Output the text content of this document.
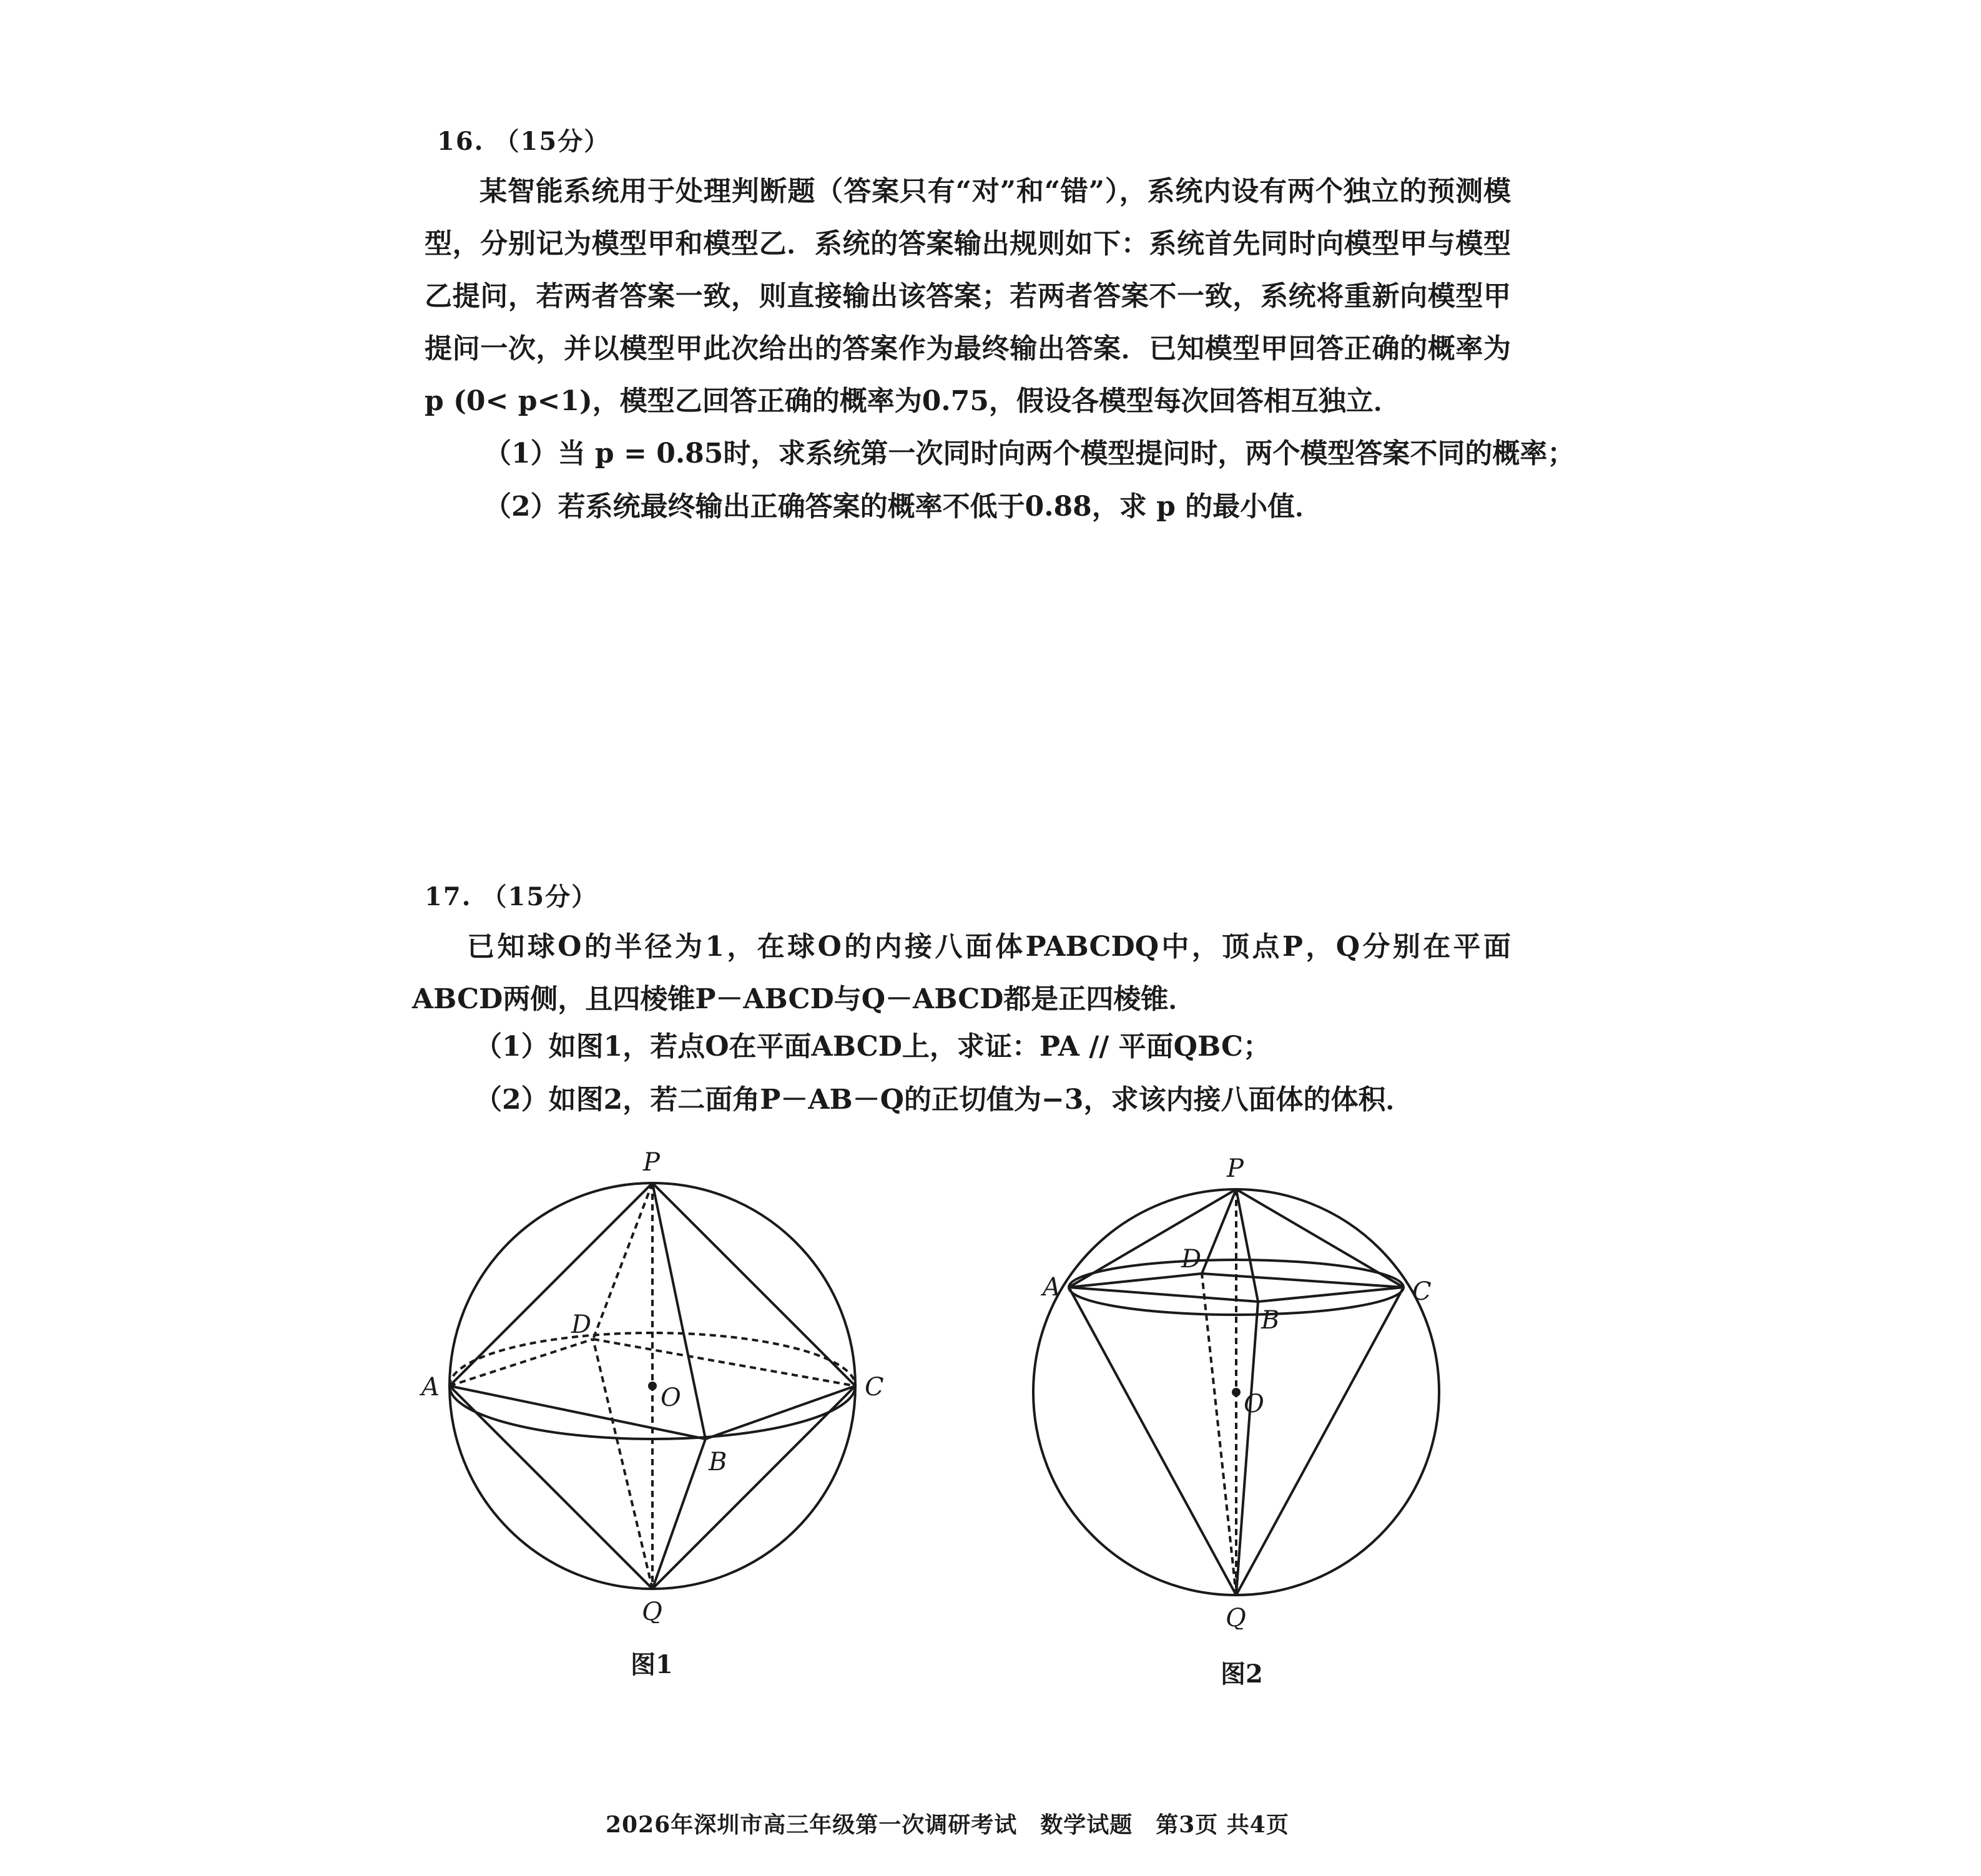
16. （15分）

某智能系统用于处理判断题（答案只有“对”和“错”），系统内设有两个独立的预测模型，分别记为模型甲和模型乙．系统的答案输出规则如下：系统首先同时向模型甲与模型乙提问，若两者答案一致，则直接输出该答案；若两者答案不一致，系统将重新向模型甲提问一次，并以模型甲此次给出的答案作为最终输出答案．已知模型甲回答正确的概率为 p (0< p<1)，模型乙回答正确的概率为0.75，假设各模型每次回答相互独立．

（1）当 p = 0.85时，求系统第一次同时向两个模型提问时，两个模型答案不同的概率；
（2）若系统最终输出正确答案的概率不低于0.88，求 p 的最小值．
17. （15分）

已知球O的半径为1，在球O的内接八面体PABCDQ中，顶点P，Q分别在平面ABCD两侧，且四棱锥P－ABCD与Q－ABCD都是正四棱锥．

（1）如图1，若点O在平面ABCD上，求证：PA // 平面QBC；
（2）如图2，若二面角P－AB－Q的正切值为−3，求该内接八面体的体积．
P
A	C
D
B
O
Q
图1
P
A	C
D
B
O
Q
图2
2026年深圳市高三年级第一次调研考试　数学试题　第3页 共4页
